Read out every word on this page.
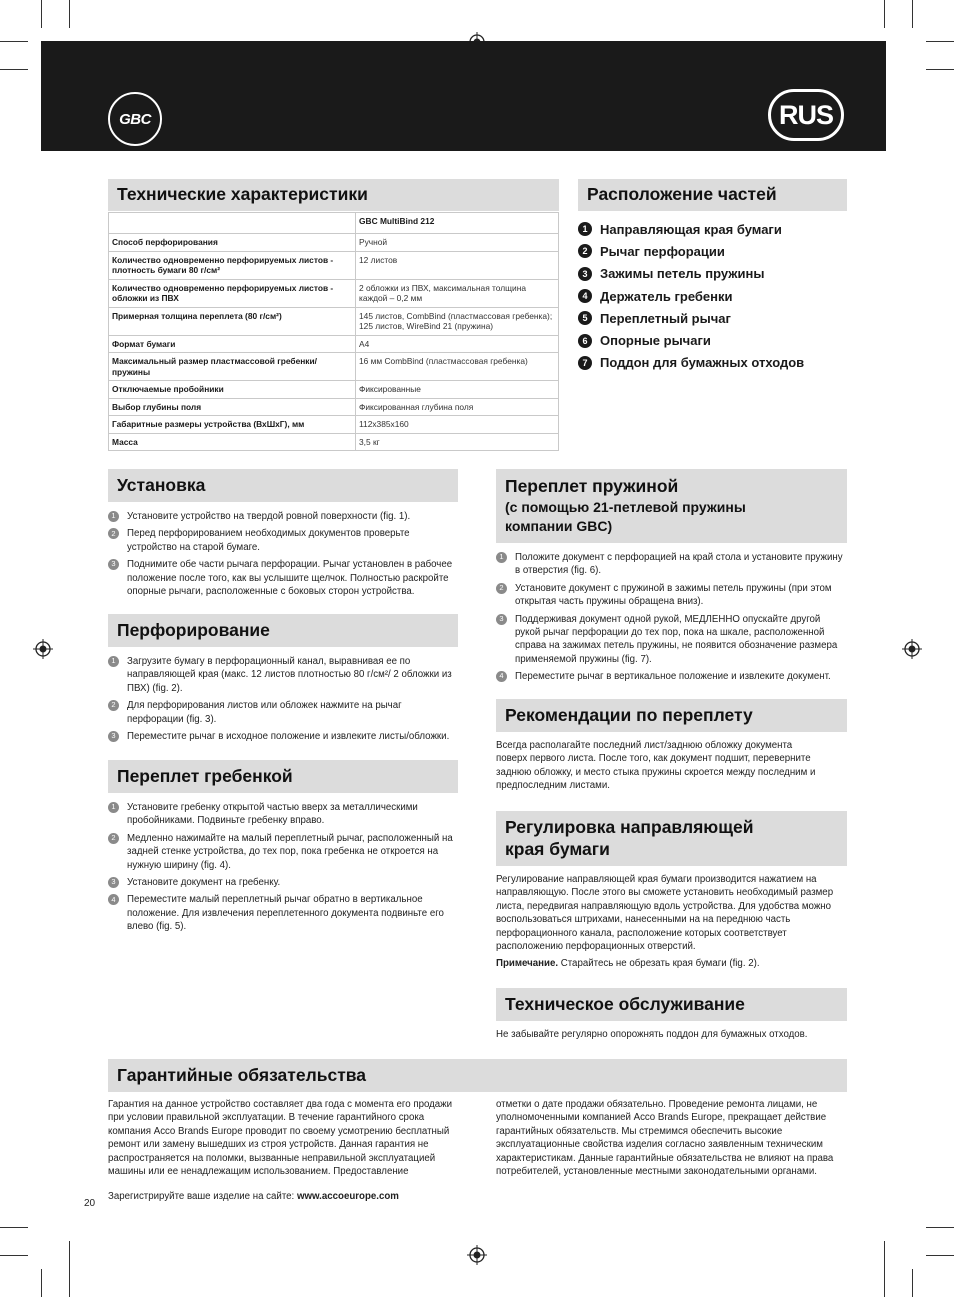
GBC	RUS
Технические характеристики
	GBC MultiBind 212
Способ перфорирования	Ручной
Количество одновременно перфорируемых листов - плотность бумаги 80 г/см²	12 листов
Количество одновременно перфорируемых листов - обложки из ПВХ	2 обложки из ПВХ, максимальная толщина каждой – 0,2 мм
Примерная толщина переплета (80 г/см²)	145 листов, CombBind (пластмассовая гребенка); 125 листов, WireBind 21 (пружина)
Формат бумаги	A4
Максимальный размер пластмассовой гребенки/пружины	16 мм CombBind (пластмассовая гребенка)
Отключаемые пробойники	Фиксированные
Выбор глубины поля	Фиксированная глубина поля
Габаритные размеры устройства (ВхШхГ), мм	112x385x160
Масса	3,5 кг
Расположение частей
1 Направляющая края бумаги
2 Рычаг перфорации
3 Зажимы петель пружины
4 Держатель гребенки
5 Переплетный рычаг
6 Опорные рычаги
7 Поддон для бумажных отходов
Установка
1	Установите устройство на твердой ровной поверхности (fig. 1).
2	Перед перфорированием необходимых документов проверьте устройство на старой бумаге.
3	Поднимите обе части рычага перфорации. Рычаг установлен в рабочее положение после того, как вы услышите щелчок. Полностью раскройте опорные рычаги, расположенные с боковых сторон устройства.
Перфорирование
1	Загрузите бумагу в перфорационный канал, выравнивая ее по направляющей края (макс. 12 листов плотностью 80 г/см²/ 2 обложки из ПВХ) (fig. 2).
2	Для перфорирования листов или обложек нажмите на рычаг перфорации (fig. 3).
3	Переместите рычаг в исходное положение и извлеките листы/обложки.
Переплет гребенкой
1	Установите гребенку открытой частью вверх за металлическими пробойниками. Подвиньте гребенку вправо.
2	Медленно нажимайте на малый переплетный рычаг, расположенный на задней стенке устройства, до тех пор, пока гребенка не откроется на нужную ширину (fig. 4).
3	Установите документ на гребенку.
4	Переместите малый переплетный рычаг обратно в вертикальное положение. Для извлечения переплетенного документа подвиньте его влево (fig. 5).
Переплет пружиной
(с помощью 21-петлевой пружины
компании GBC)
1	Положите документ с перфорацией на край стола и установите пружину в отверстия (fig. 6).
2	Установите документ с пружиной в зажимы петель пружины (при этом открытая часть пружины обращена вниз).
3	Поддерживая документ одной рукой, МЕДЛЕННО опускайте другой рукой рычаг перфорации до тех пор, пока на шкале, расположенной справа на зажимах петель пружины, не появится обозначение размера применяемой пружины (fig. 7).
4	Переместите рычаг в вертикальное положение и извлеките документ.
Рекомендации по переплету

Всегда располагайте последний лист/заднюю обложку документа поверх первого листа. После того, как документ подшит, переверните заднюю обложку, и место стыка пружины скроется между последним и предпоследним листами.

Регулировка направляющей
края бумаги

Регулирование направляющей края бумаги производится нажатием на направляющую. После этого вы сможете установить необходимый размер листа, передвигая направляющую вдоль устройства. Для удобства можно воспользоваться штрихами, нанесенными на на переднюю часть перфорационного канала, расположение которых соответствует расположению перфорационных отверстий.

Примечание. Старайтесь не обрезать края бумаги (fig. 2).

Техническое обслуживание

Не забывайте регулярно опорожнять поддон для бумажных отходов.

Гарантийные обязательства

Гарантия на данное устройство составляет два года с момента его продажи при условии правильной эксплуатации. В течение гарантийного срока компания Acco Brands Europe проводит по своему усмотрению бесплатный ремонт или замену вышедших из строя устройств. Данная гарантия не распространяется на поломки, вызванные неправильной эксплуатацией машины или ее ненадлежащим использованием. Предоставление

отметки о дате продажи обязательно. Проведение ремонта лицами, не уполномоченными компанией Acco Brands Europe, прекращает действие гарантийных обязательств. Мы стремимся обеспечить высокие эксплуатационные свойства изделия согласно заявленным техническим характеристикам. Данные гарантийные обязательства не влияют на права потребителей, установленные местными законодательными органами.

Зарегистрируйте ваше изделие на сайте: www.accoeurope.com

20
